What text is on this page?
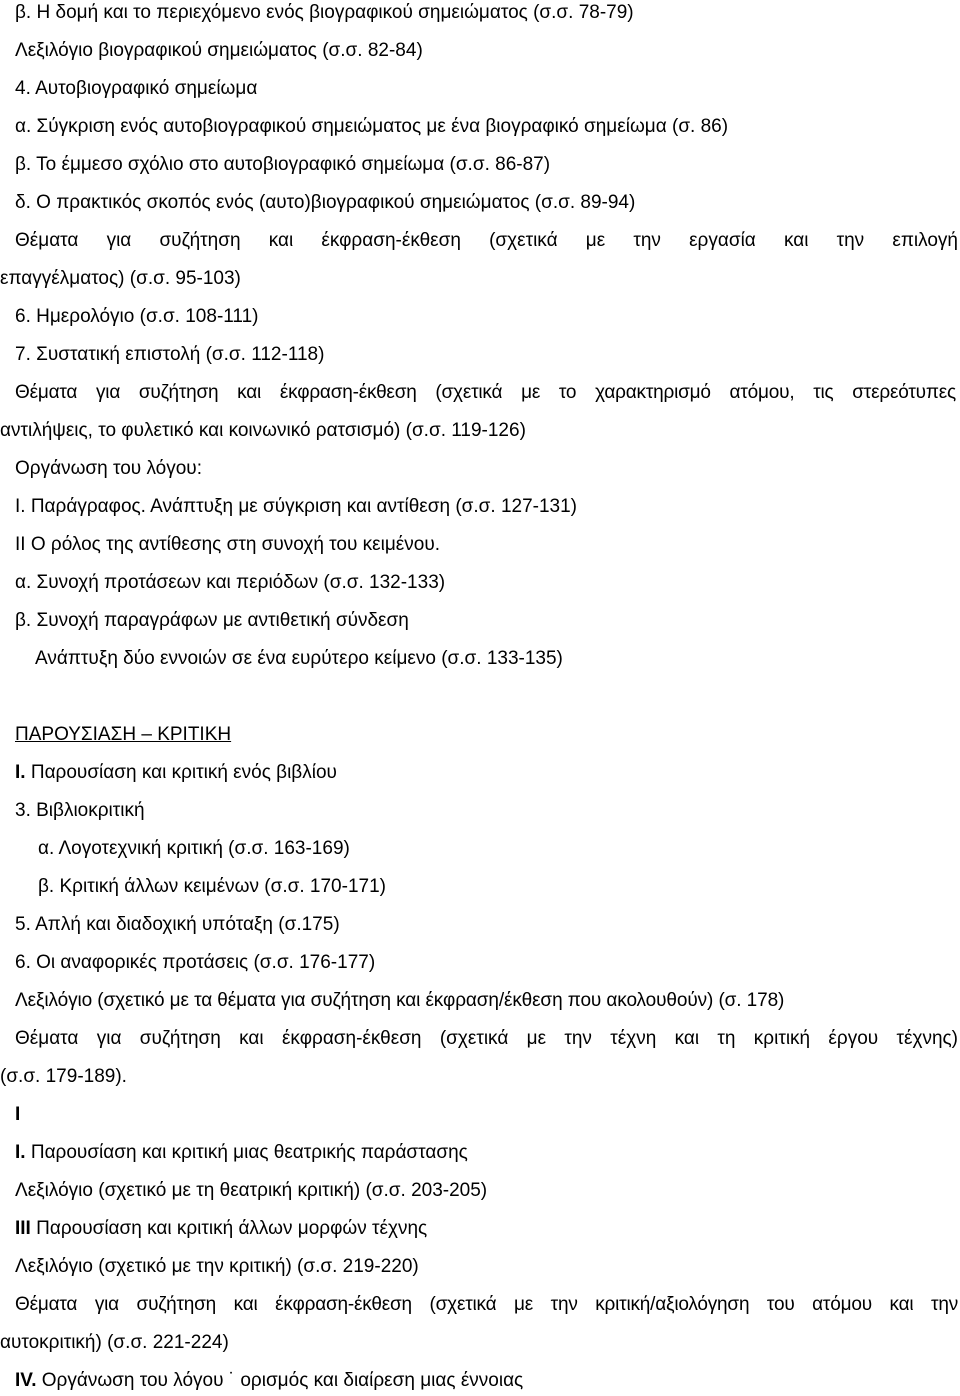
β. Η δομή και το περιεχόμενο ενός βιογραφικού σημειώματος (σ.σ. 78-79)
Λεξιλόγιο βιογραφικού σημειώματος (σ.σ. 82-84)
4. Αυτοβιογραφικό σημείωμα
α. Σύγκριση ενός αυτοβιογραφικού σημειώματος με ένα βιογραφικό σημείωμα (σ. 86)
β. Το έμμεσο σχόλιο στο αυτοβιογραφικό σημείωμα (σ.σ. 86-87)
δ. Ο πρακτικός σκοπός ενός (αυτο)βιογραφικού σημειώματος (σ.σ. 89-94)
Θέματα για συζήτηση και έκφραση-έκθεση (σχετικά με την εργασία και την επιλογή
επαγγέλματος) (σ.σ. 95-103)
6. Ημερολόγιο (σ.σ. 108-111)
7. Συστατική επιστολή (σ.σ. 112-118)
Θέματα για συζήτηση και έκφραση-έκθεση (σχετικά με το χαρακτηρισμό ατόμου, τις στερεότυπες
αντιλήψεις, το φυλετικό και κοινωνικό ρατσισμό) (σ.σ. 119-126)
Οργάνωση του λόγου:
Ι. Παράγραφος. Ανάπτυξη με σύγκριση και αντίθεση (σ.σ. 127-131)
ΙΙ Ο ρόλος της αντίθεσης στη συνοχή του κειμένου.
α. Συνοχή προτάσεων και περιόδων (σ.σ. 132-133)
β. Συνοχή παραγράφων με αντιθετική σύνδεση
Ανάπτυξη δύο εννοιών σε ένα ευρύτερο κείμενο (σ.σ. 133-135)
ΠΑΡΟΥΣΙΑΣΗ – ΚΡΙΤΙΚΗ
Ι. Παρουσίαση και κριτική ενός βιβλίου
3. Βιβλιοκριτική
α. Λογοτεχνική κριτική (σ.σ. 163-169)
β. Κριτική άλλων κειμένων (σ.σ. 170-171)
5. Απλή και διαδοχική υπόταξη (σ.175)
6. Οι αναφορικές προτάσεις (σ.σ. 176-177)
Λεξιλόγιο (σχετικό με τα θέματα για συζήτηση και έκφραση/έκθεση που ακολουθούν) (σ. 178)
Θέματα για συζήτηση και έκφραση-έκθεση (σχετικά με την τέχνη και τη κριτική έργου τέχνης)
(σ.σ. 179-189).
Ι
Ι. Παρουσίαση και κριτική μιας θεατρικής παράστασης
Λεξιλόγιο (σχετικό με τη θεατρική κριτική) (σ.σ. 203-205)
ΙΙΙ Παρουσίαση και κριτική άλλων μορφών τέχνης
Λεξιλόγιο (σχετικό με την κριτική) (σ.σ. 219-220)
Θέματα για συζήτηση και έκφραση-έκθεση (σχετικά με την κριτική/αξιολόγηση του ατόμου και την
αυτοκριτική) (σ.σ. 221-224)
ΙV. Οργάνωση του λόγου ˙ ορισμός και διαίρεση μιας έννοιας
